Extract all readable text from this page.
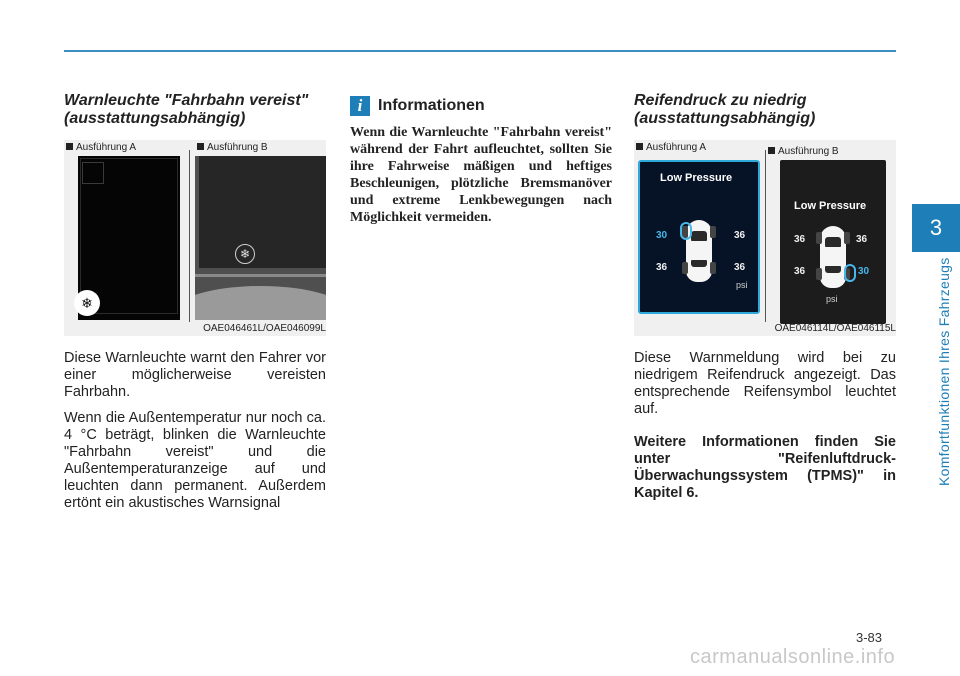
3
Komfortfunktionen Ihres Fahrzeugs
Warnleuchte "Fahrbahn vereist"
(ausstattungsabhängig)
Ausführung A	Ausführung B
❄
❄
OAE046461L/OAE046099L

Diese Warnleuchte warnt den Fahrer vor einer möglicherweise vereisten Fahrbahn.

Wenn die Außentemperatur nur noch ca. 4 °C beträgt, blinken die Warnleuchte "Fahrbahn vereist" und die Außentemperaturanzeige auf und leuchten dann permanent. Außerdem ertönt ein akustisches Warnsignal

i Informationen

Wenn die Warnleuchte "Fahrbahn vereist" während der Fahrt aufleuchtet, sollten Sie ihre Fahrweise mäßigen und heftiges Beschleunigen, plötzliche Bremsmanöver und extreme Lenkbewegungen nach Möglichkeit vermeiden.

Reifendruck zu niedrig
(ausstattungsabhängig)
Ausführung A	Ausführung B
Low Pressure
30	36
36	36
psi
Low Pressure
36	36
36	30
psi
OAE046114L/OAE046115L

Diese Warnmeldung wird bei zu niedrigem Reifendruck angezeigt. Das entsprechende Reifensymbol leuchtet auf.

Weitere Informationen finden Sie unter "Reifenluftdruck-Überwachungssystem (TPMS)" in Kapitel 6.

3-83
carmanualsonline.info
